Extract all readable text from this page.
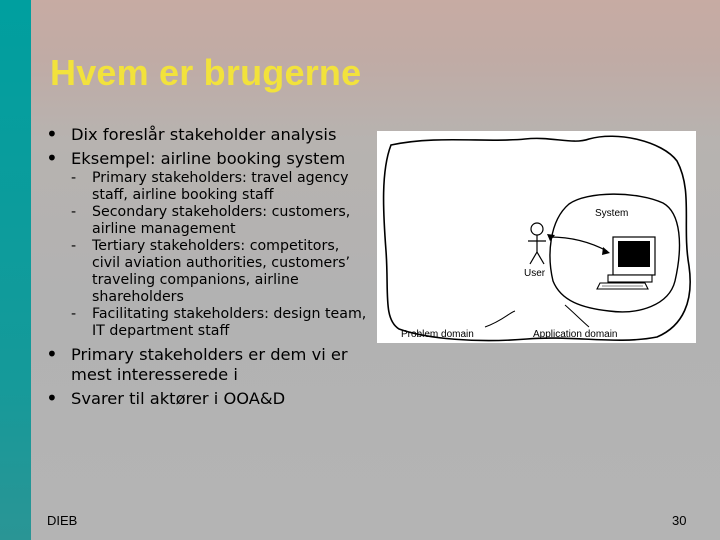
Hvem er brugerne
• Dix foreslår stakeholder analysis
• Eksempel: airline booking system
- Primary stakeholders: travel agency staff, airline booking staff
- Secondary stakeholders: customers, airline management
- Tertiary stakeholders: competitors, civil aviation authorities, customers’ traveling companions, airline shareholders
- Facilitating stakeholders: design team, IT department staff
• Primary stakeholders er dem vi er mest interesserede i
• Svarer til aktører i OOA&D
System
User
Problem domain	Application domain
DIEB	30
